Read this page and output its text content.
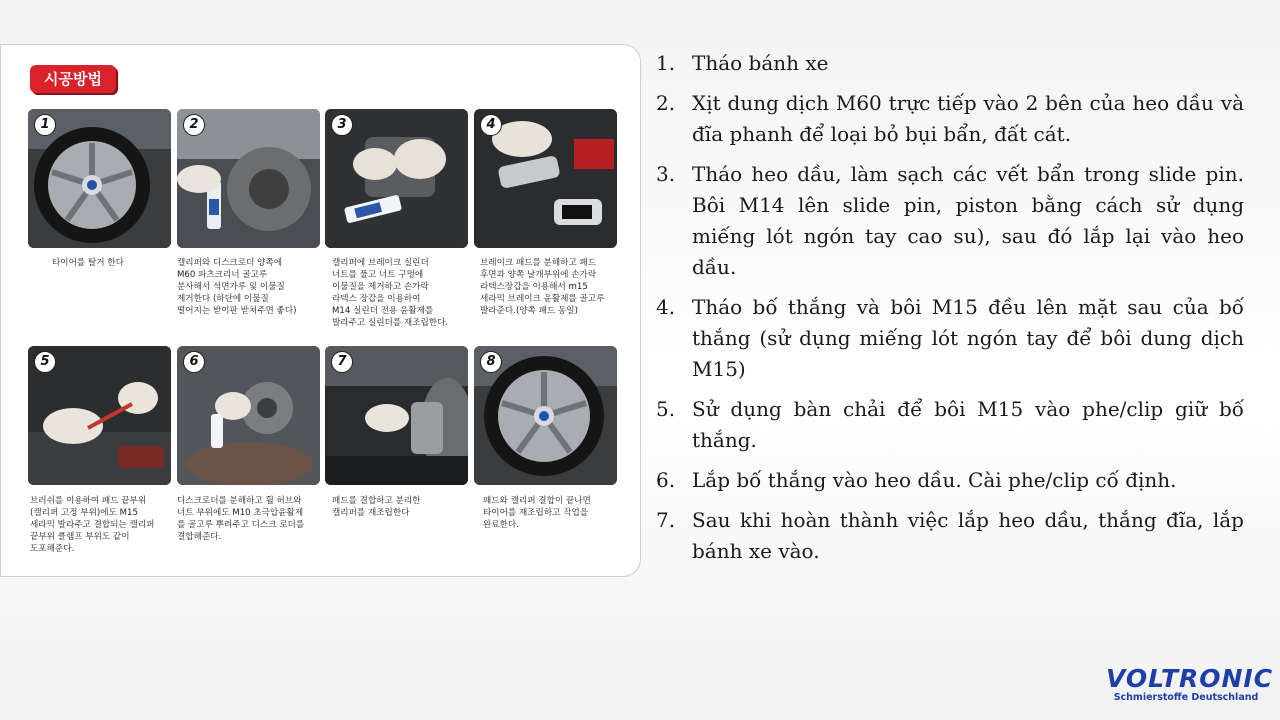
시공방법
1	2	3	4
타이어를 탈거 한다	캘리퍼와 디스크로더 양쪽에
M60 파츠크리너 골고루
분사해서 석면가루 및 이물질
제거한다 (하단에 이물질
떨어지는 받이판 받쳐주면 좋다)
캘리퍼에 브레이크 실린더
너트를 풀고 너트 구멍에
이물질을 제거하고 손가락
라텍스 장갑을 이용하여
M14 실린더 전용 윤활제를
발라주고 실린더를 재조립한다.
브레이크 패드를 분해하고 패드
후면과 양쪽 날개부위에 손가락
라텍스장갑을 이용해서 m15
세라믹 브레이크 윤활제를 골고루
발라준다.(양쪽 패드 동일)
5	6	7	8
브러쉬를 이용하여 패드 끝부위
(캘리퍼 고정 부위)에도 M15
세라믹 발라주고 결합되는 캘리퍼
끝부위 클램프 부위도 같이
도포해준다.
디스크로더를 분해하고 휠 허브와
너트 부위에도 M10 초극압윤활제
를 골고루 뿌려주고 디스크 로더를
결합해준다.
패드를 결합하고 분리한
캘리퍼를 재조립한다
패드와 캘리퍼 결합이 끝나면
타이어를 재조립하고 작업을
완료한다.
1. Tháo bánh xe
2. Xịt dung dịch M60 trực tiếp vào 2 bên của heo dầu và đĩa phanh để loại bỏ bụi bẩn, đất cát.
3. Tháo heo dầu, làm sạch các vết bẩn trong slide pin. Bôi M14 lên slide pin, piston bằng cách sử dụng miếng lót ngón tay cao su), sau đó lắp lại vào heo dầu.
4. Tháo bố thắng và bôi M15 đều lên mặt sau của bố thắng (sử dụng miếng lót ngón tay để bôi dung dịch M15)
5. Sử dụng bàn chải để bôi M15 vào phe/clip giữ bố thắng.
6. Lắp bố thắng vào heo dầu. Cài phe/clip cố định.
7. Sau khi hoàn thành việc lắp heo dầu, thắng đĩa, lắp bánh xe vào.
VOLTRONIC
Schmierstoffe Deutschland
